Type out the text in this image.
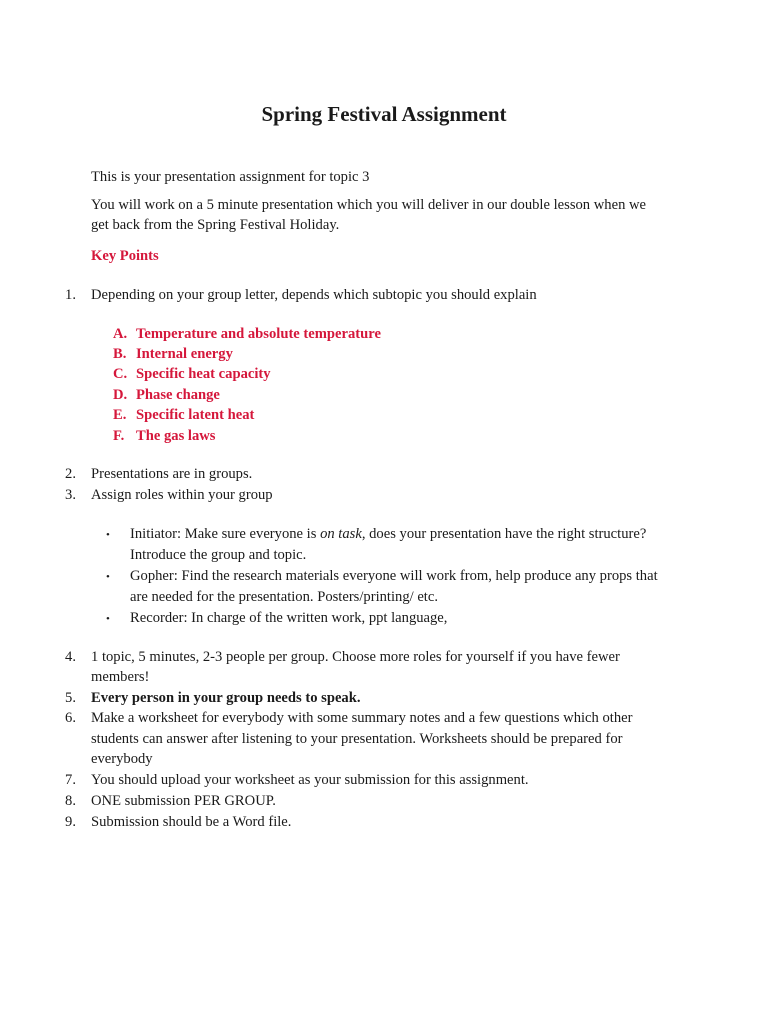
Spring Festival Assignment
This is your presentation assignment for topic 3
You will work on a 5 minute presentation which you will deliver in our double lesson when we
get back from the Spring Festival Holiday.
Key Points
1. Depending on your group letter, depends which subtopic you should explain
A. Temperature and absolute temperature
B. Internal energy
C. Specific heat capacity
D. Phase change
E. Specific latent heat
F. The gas laws
2. Presentations are in groups.
3. Assign roles within your group
• Initiator: Make sure everyone is on task, does your presentation have the right structure?
Introduce the group and topic.
• Gopher: Find the research materials everyone will work from, help produce any props that
are needed for the presentation. Posters/printing/ etc.
• Recorder: In charge of the written work, ppt language,
4. 1 topic, 5 minutes, 2-3 people per group. Choose more roles for yourself if you have fewer
members!
5. Every person in your group needs to speak.
6. Make a worksheet for everybody with some summary notes and a few questions which other
students can answer after listening to your presentation. Worksheets should be prepared for
everybody
7. You should upload your worksheet as your submission for this assignment.
8. ONE submission PER GROUP.
9. Submission should be a Word file.
